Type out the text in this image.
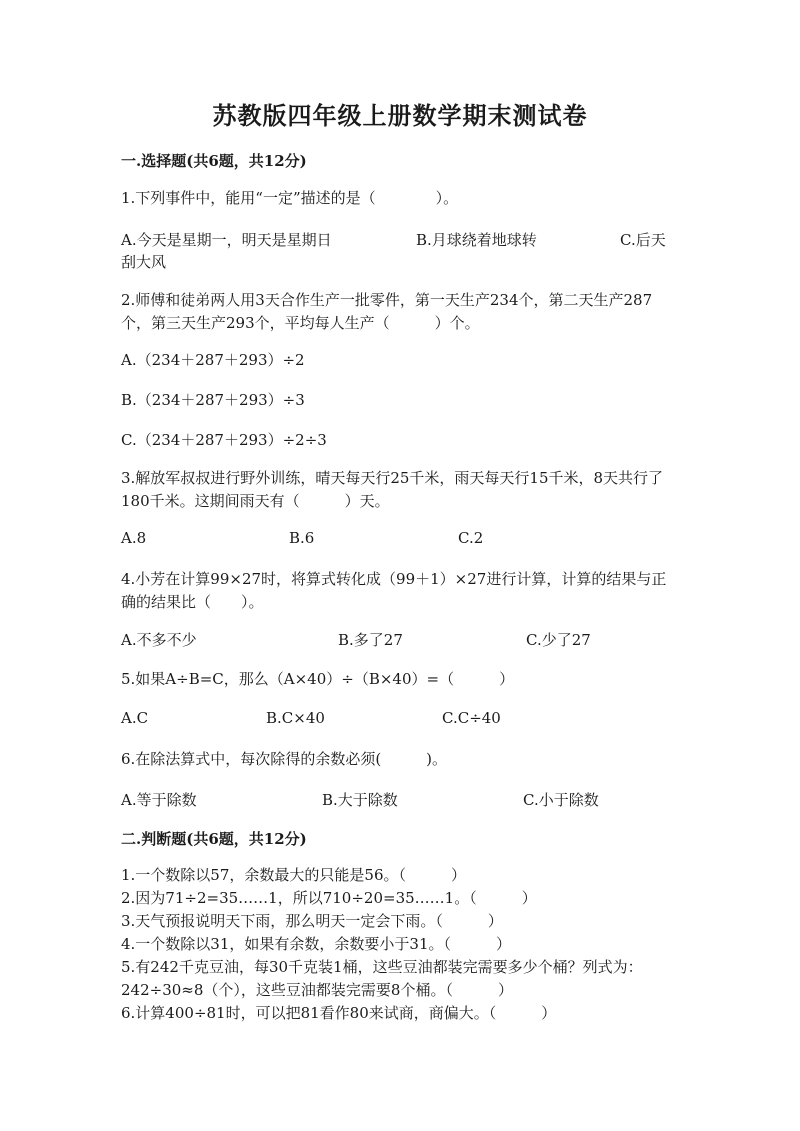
苏教版四年级上册数学期末测试卷
一.选择题(共6题，共12分)
1.下列事件中，能用“一定”描述的是（　　　　）。
A.今天是星期一，明天是星期日	B.月球绕着地球转	C.后天
刮大风
2.师傅和徒弟两人用3天合作生产一批零件，第一天生产234个，第二天生产287个，第三天生产293个，平均每人生产（　　　）个。
A.（234＋287＋293）÷2
B.（234＋287＋293）÷3
C.（234＋287＋293）÷2÷3
3.解放军叔叔进行野外训练，晴天每天行25千米，雨天每天行15千米，8天共行了180千米。这期间雨天有（　　　）天。
A.8	B.6	C.2
4.小芳在计算99×27时，将算式转化成（99＋1）×27进行计算，计算的结果与正确的结果比（　　）。
A.不多不少	B.多了27	C.少了27
5.如果A÷B=C，那么（A×40）÷（B×40）=（　　　）
A.C	B.C×40	C.C÷40
6.在除法算式中，每次除得的余数必须(　　　)。
A.等于除数	B.大于除数	C.小于除数
二.判断题(共6题，共12分)
1.一个数除以57，余数最大的只能是56。（　　　）
2.因为71÷2=35……1，所以710÷20=35……1。（　　　）
3.天气预报说明天下雨，那么明天一定会下雨。（　　　）
4.一个数除以31，如果有余数，余数要小于31。（　　　）
5.有242千克豆油，每30千克装1桶，这些豆油都装完需要多少个桶？列式为：242÷30≈8（个），这些豆油都装完需要8个桶。（　　　）
6.计算400÷81时，可以把81看作80来试商，商偏大。（　　　）
